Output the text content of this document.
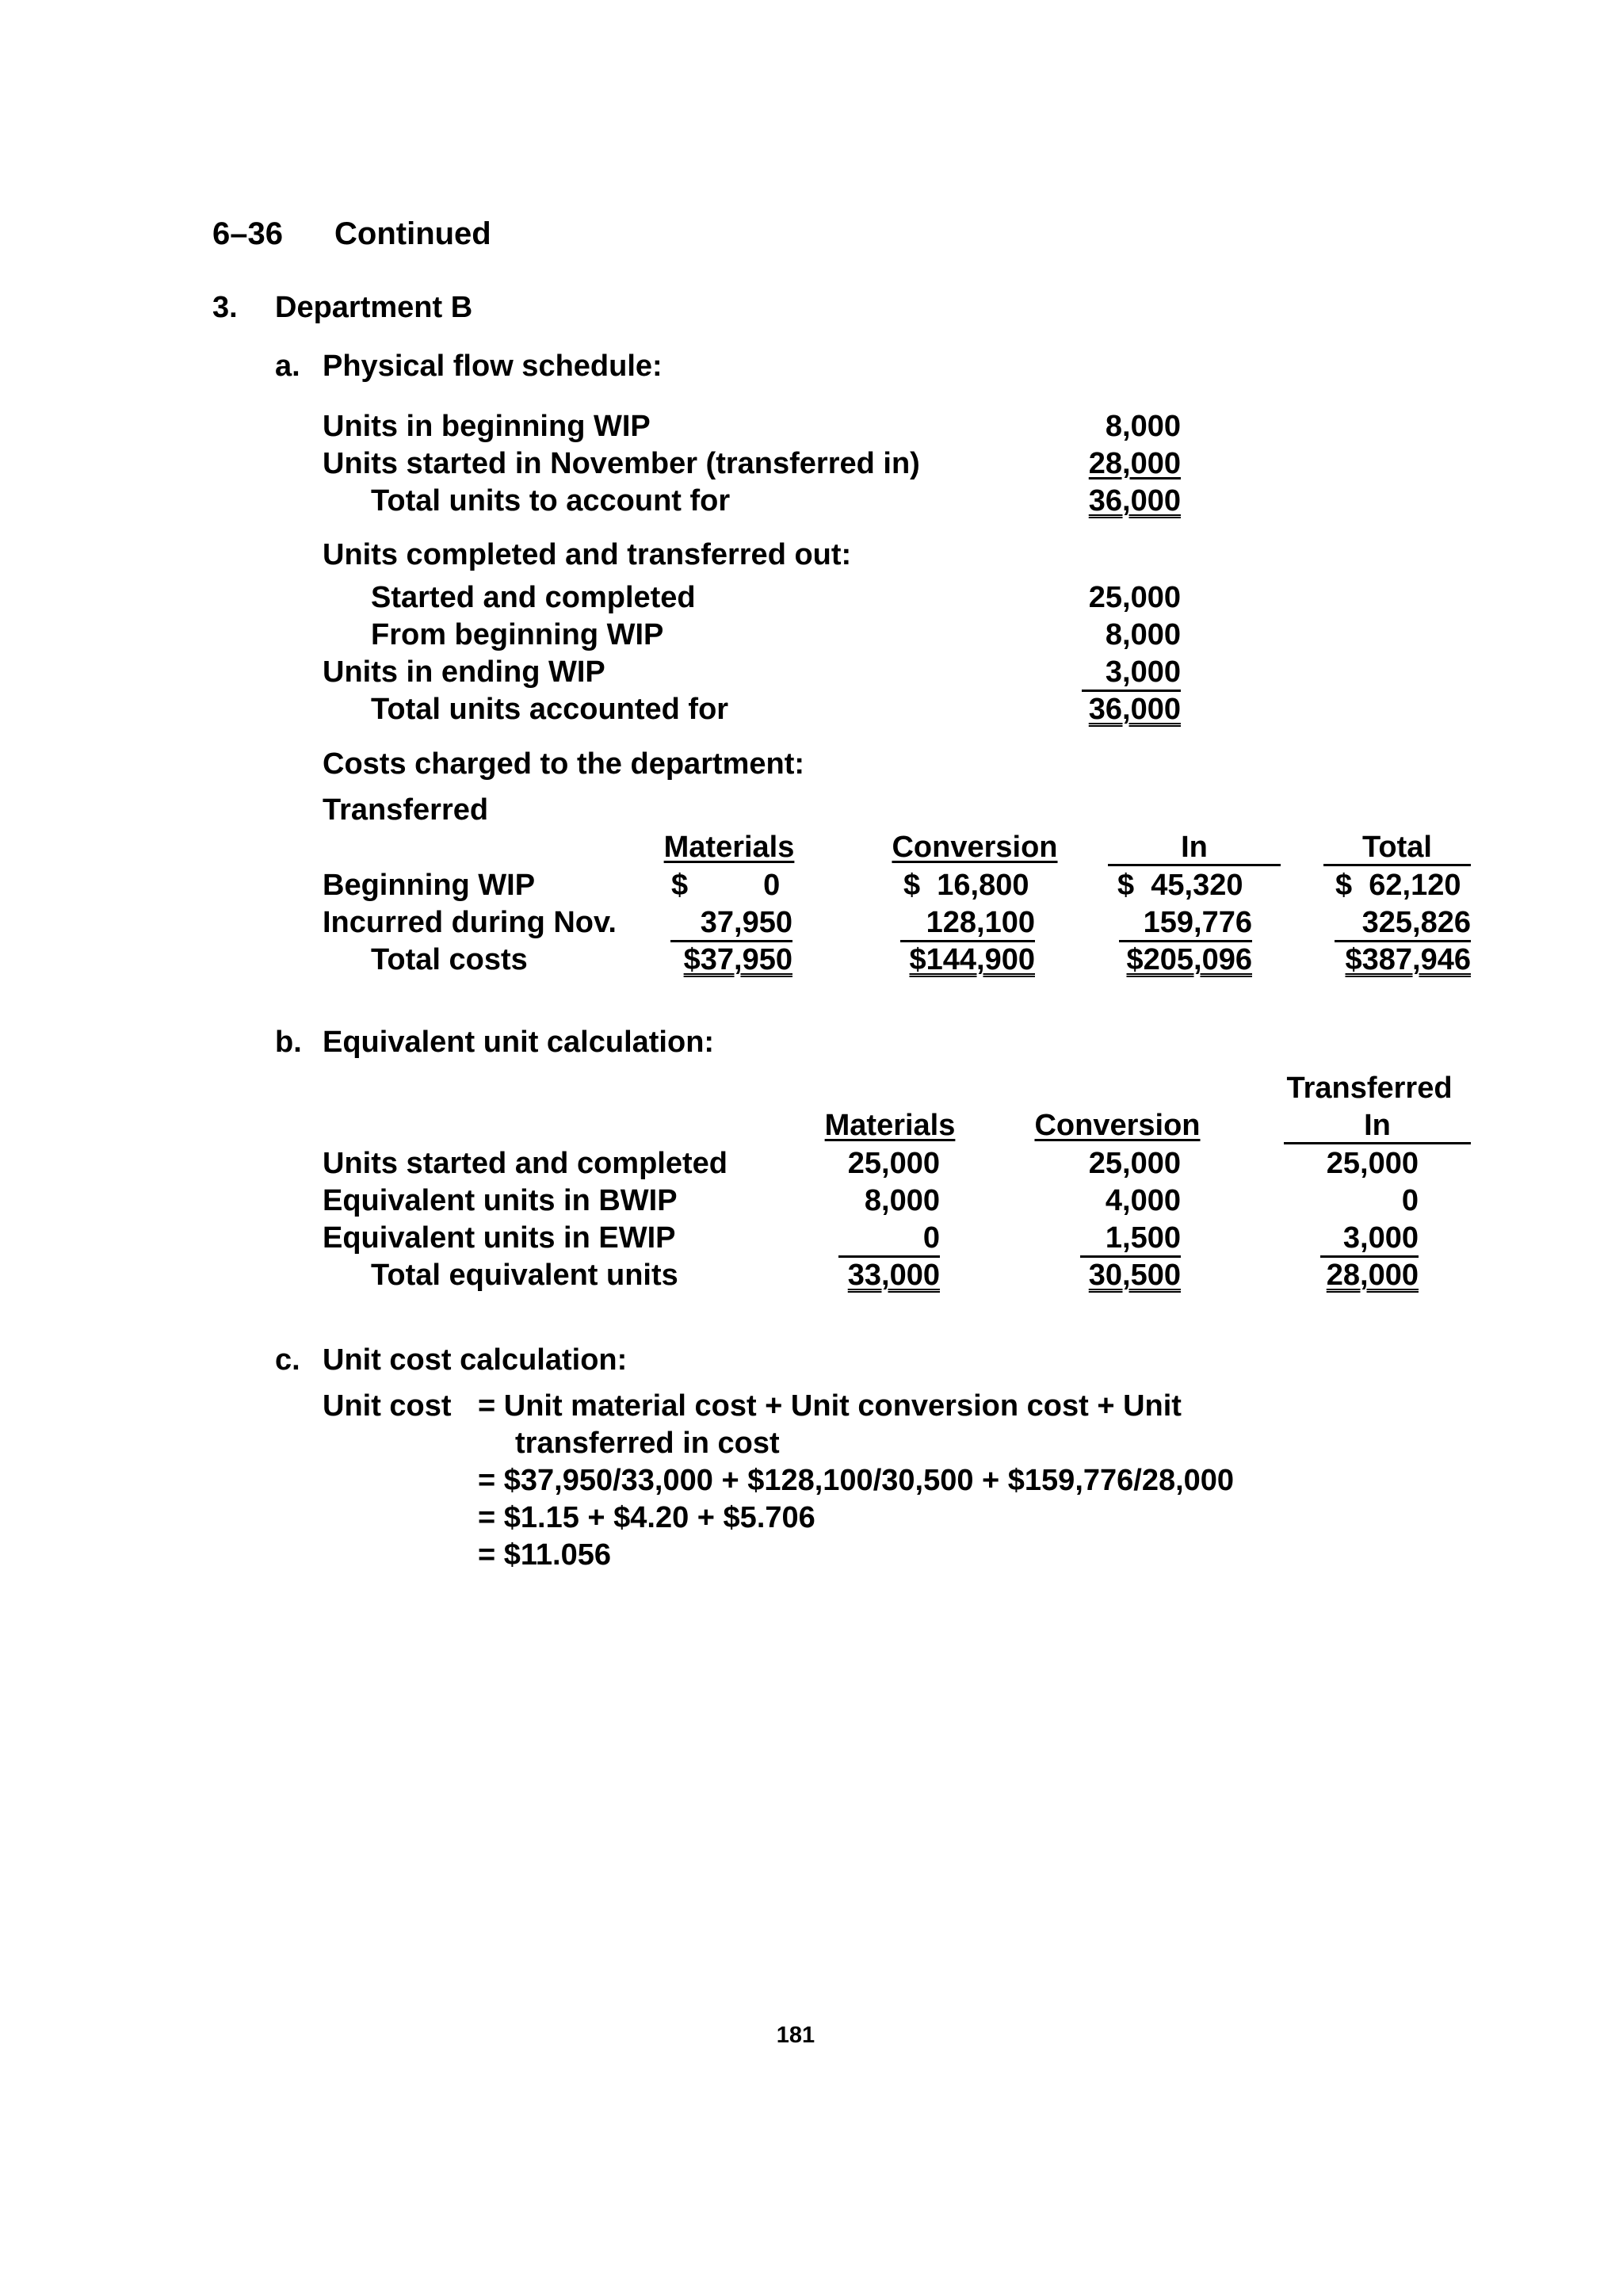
6–36 Continued
3. Department B
a. Physical flow schedule:
Units in beginning WIP	8,000
Units started in November (transferred in)	28,000
Total units to account for	36,000
Units completed and transferred out:
Started and completed	25,000
From beginning WIP	8,000
Units in ending WIP	3,000
Total units accounted for	36,000
Costs charged to the department:
Transferred
Materials	Conversion	In	Total
Beginning WIP	$         0	$  16,800	$  45,320	$  62,120
Incurred during Nov.	37,950	128,100	159,776	325,826
Total costs	$37,950	$144,900	$205,096	$387,946
b. Equivalent unit calculation:
Transferred
Materials	Conversion	In
Units started and completed	25,000	25,000	25,000
Equivalent units in BWIP	8,000	4,000	0
Equivalent units in EWIP	0	1,500	3,000
Total equivalent units	33,000	30,500	28,000
c. Unit cost calculation:
Unit cost = Unit material cost + Unit conversion cost + Unit
transferred in cost
= $37,950/33,000 + $128,100/30,500 + $159,776/28,000
= $1.15 + $4.20 + $5.706
= $11.056
181
